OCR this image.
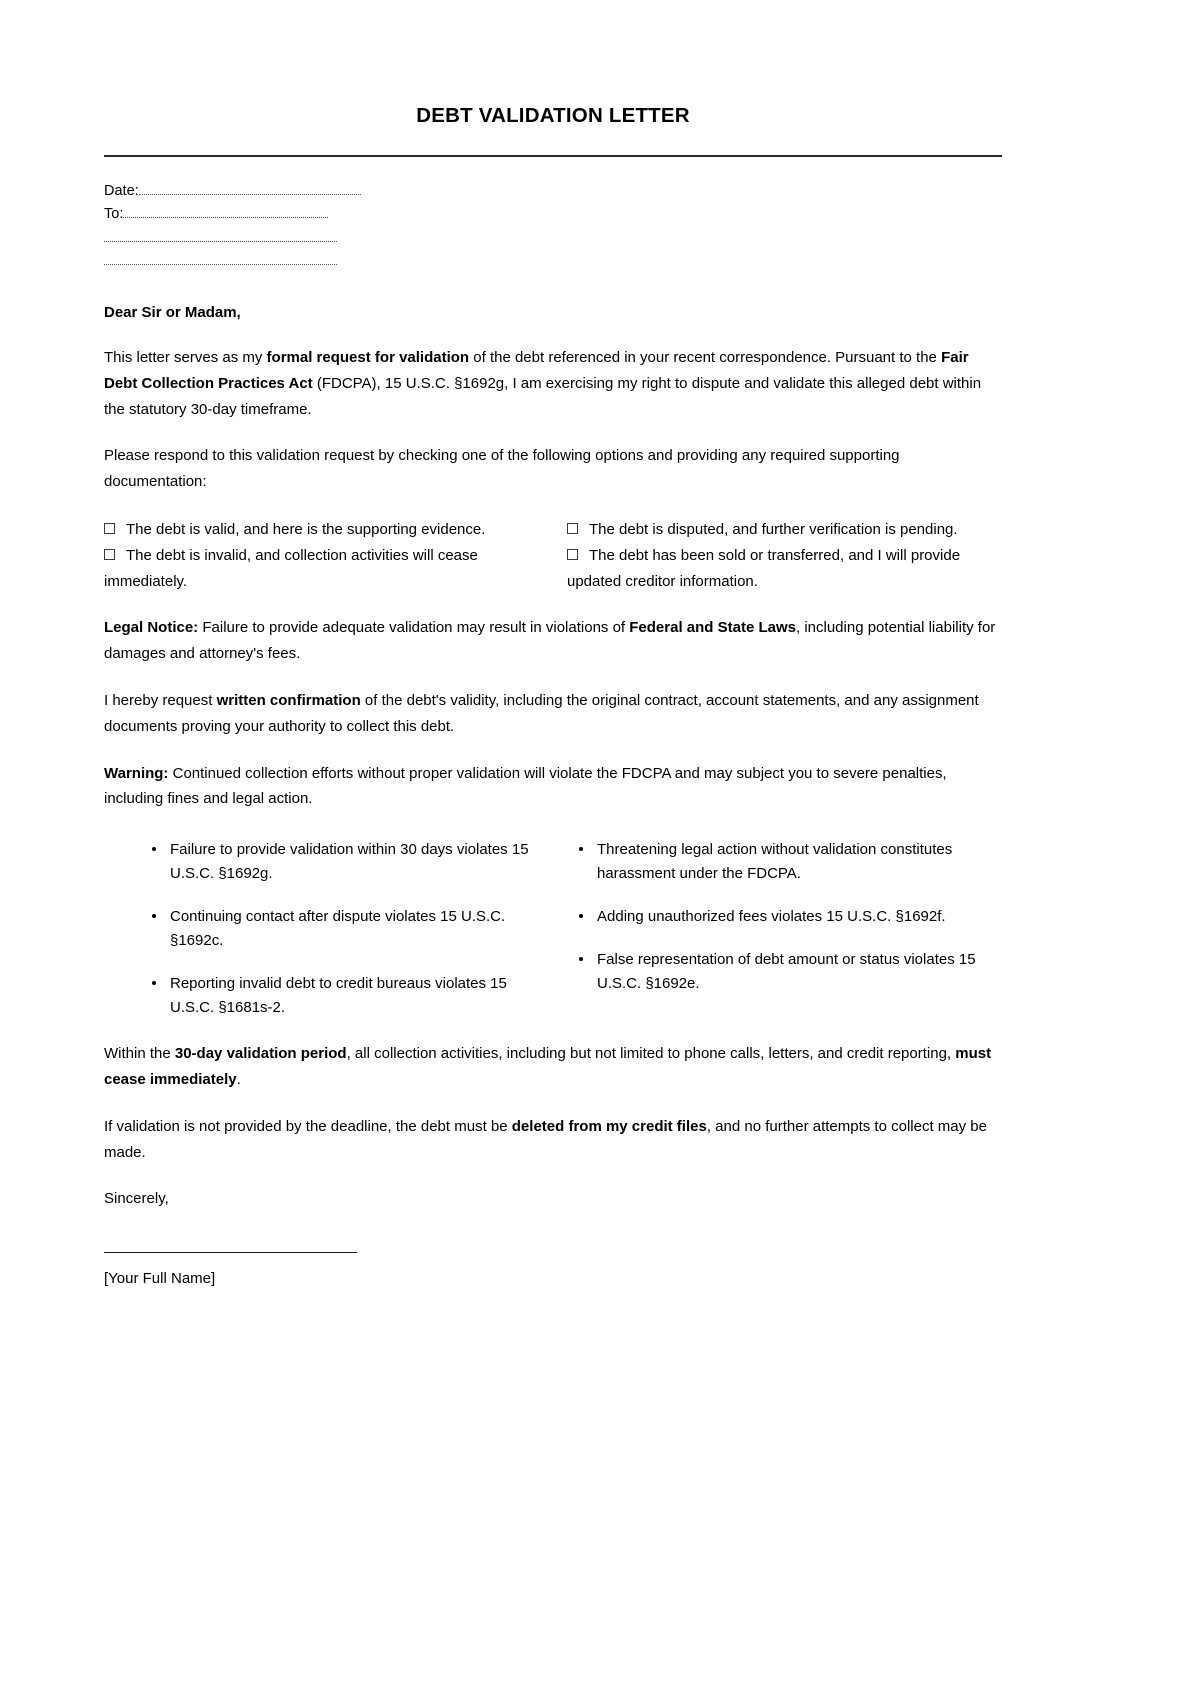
DEBT VALIDATION LETTER
Date:
To:
Dear Sir or Madam,

This letter serves as my formal request for validation of the debt referenced in your recent correspondence. Pursuant to the Fair Debt Collection Practices Act (FDCPA), 15 U.S.C. §1692g, I am exercising my right to dispute and validate this alleged debt within the statutory 30-day timeframe.

Please respond to this validation request by checking one of the following options and providing any required supporting documentation:

The debt is valid, and here is the supporting evidence.
The debt is invalid, and collection activities will cease immediately.
The debt is disputed, and further verification is pending.
The debt has been sold or transferred, and I will provide updated creditor information.

Legal Notice: Failure to provide adequate validation may result in violations of Federal and State Laws, including potential liability for damages and attorney's fees.

I hereby request written confirmation of the debt's validity, including the original contract, account statements, and any assignment documents proving your authority to collect this debt.

Warning: Continued collection efforts without proper validation will violate the FDCPA and may subject you to severe penalties, including fines and legal action.

Failure to provide validation within 30 days violates 15 U.S.C. §1692g.
Continuing contact after dispute violates 15 U.S.C. §1692c.
Reporting invalid debt to credit bureaus violates 15 U.S.C. §1681s-2.
Threatening legal action without validation constitutes harassment under the FDCPA.
Adding unauthorized fees violates 15 U.S.C. §1692f.
False representation of debt amount or status violates 15 U.S.C. §1692e.

Within the 30-day validation period, all collection activities, including but not limited to phone calls, letters, and credit reporting, must cease immediately.

If validation is not provided by the deadline, the debt must be deleted from my credit files, and no further attempts to collect may be made.

Sincerely,
[Your Full Name]
